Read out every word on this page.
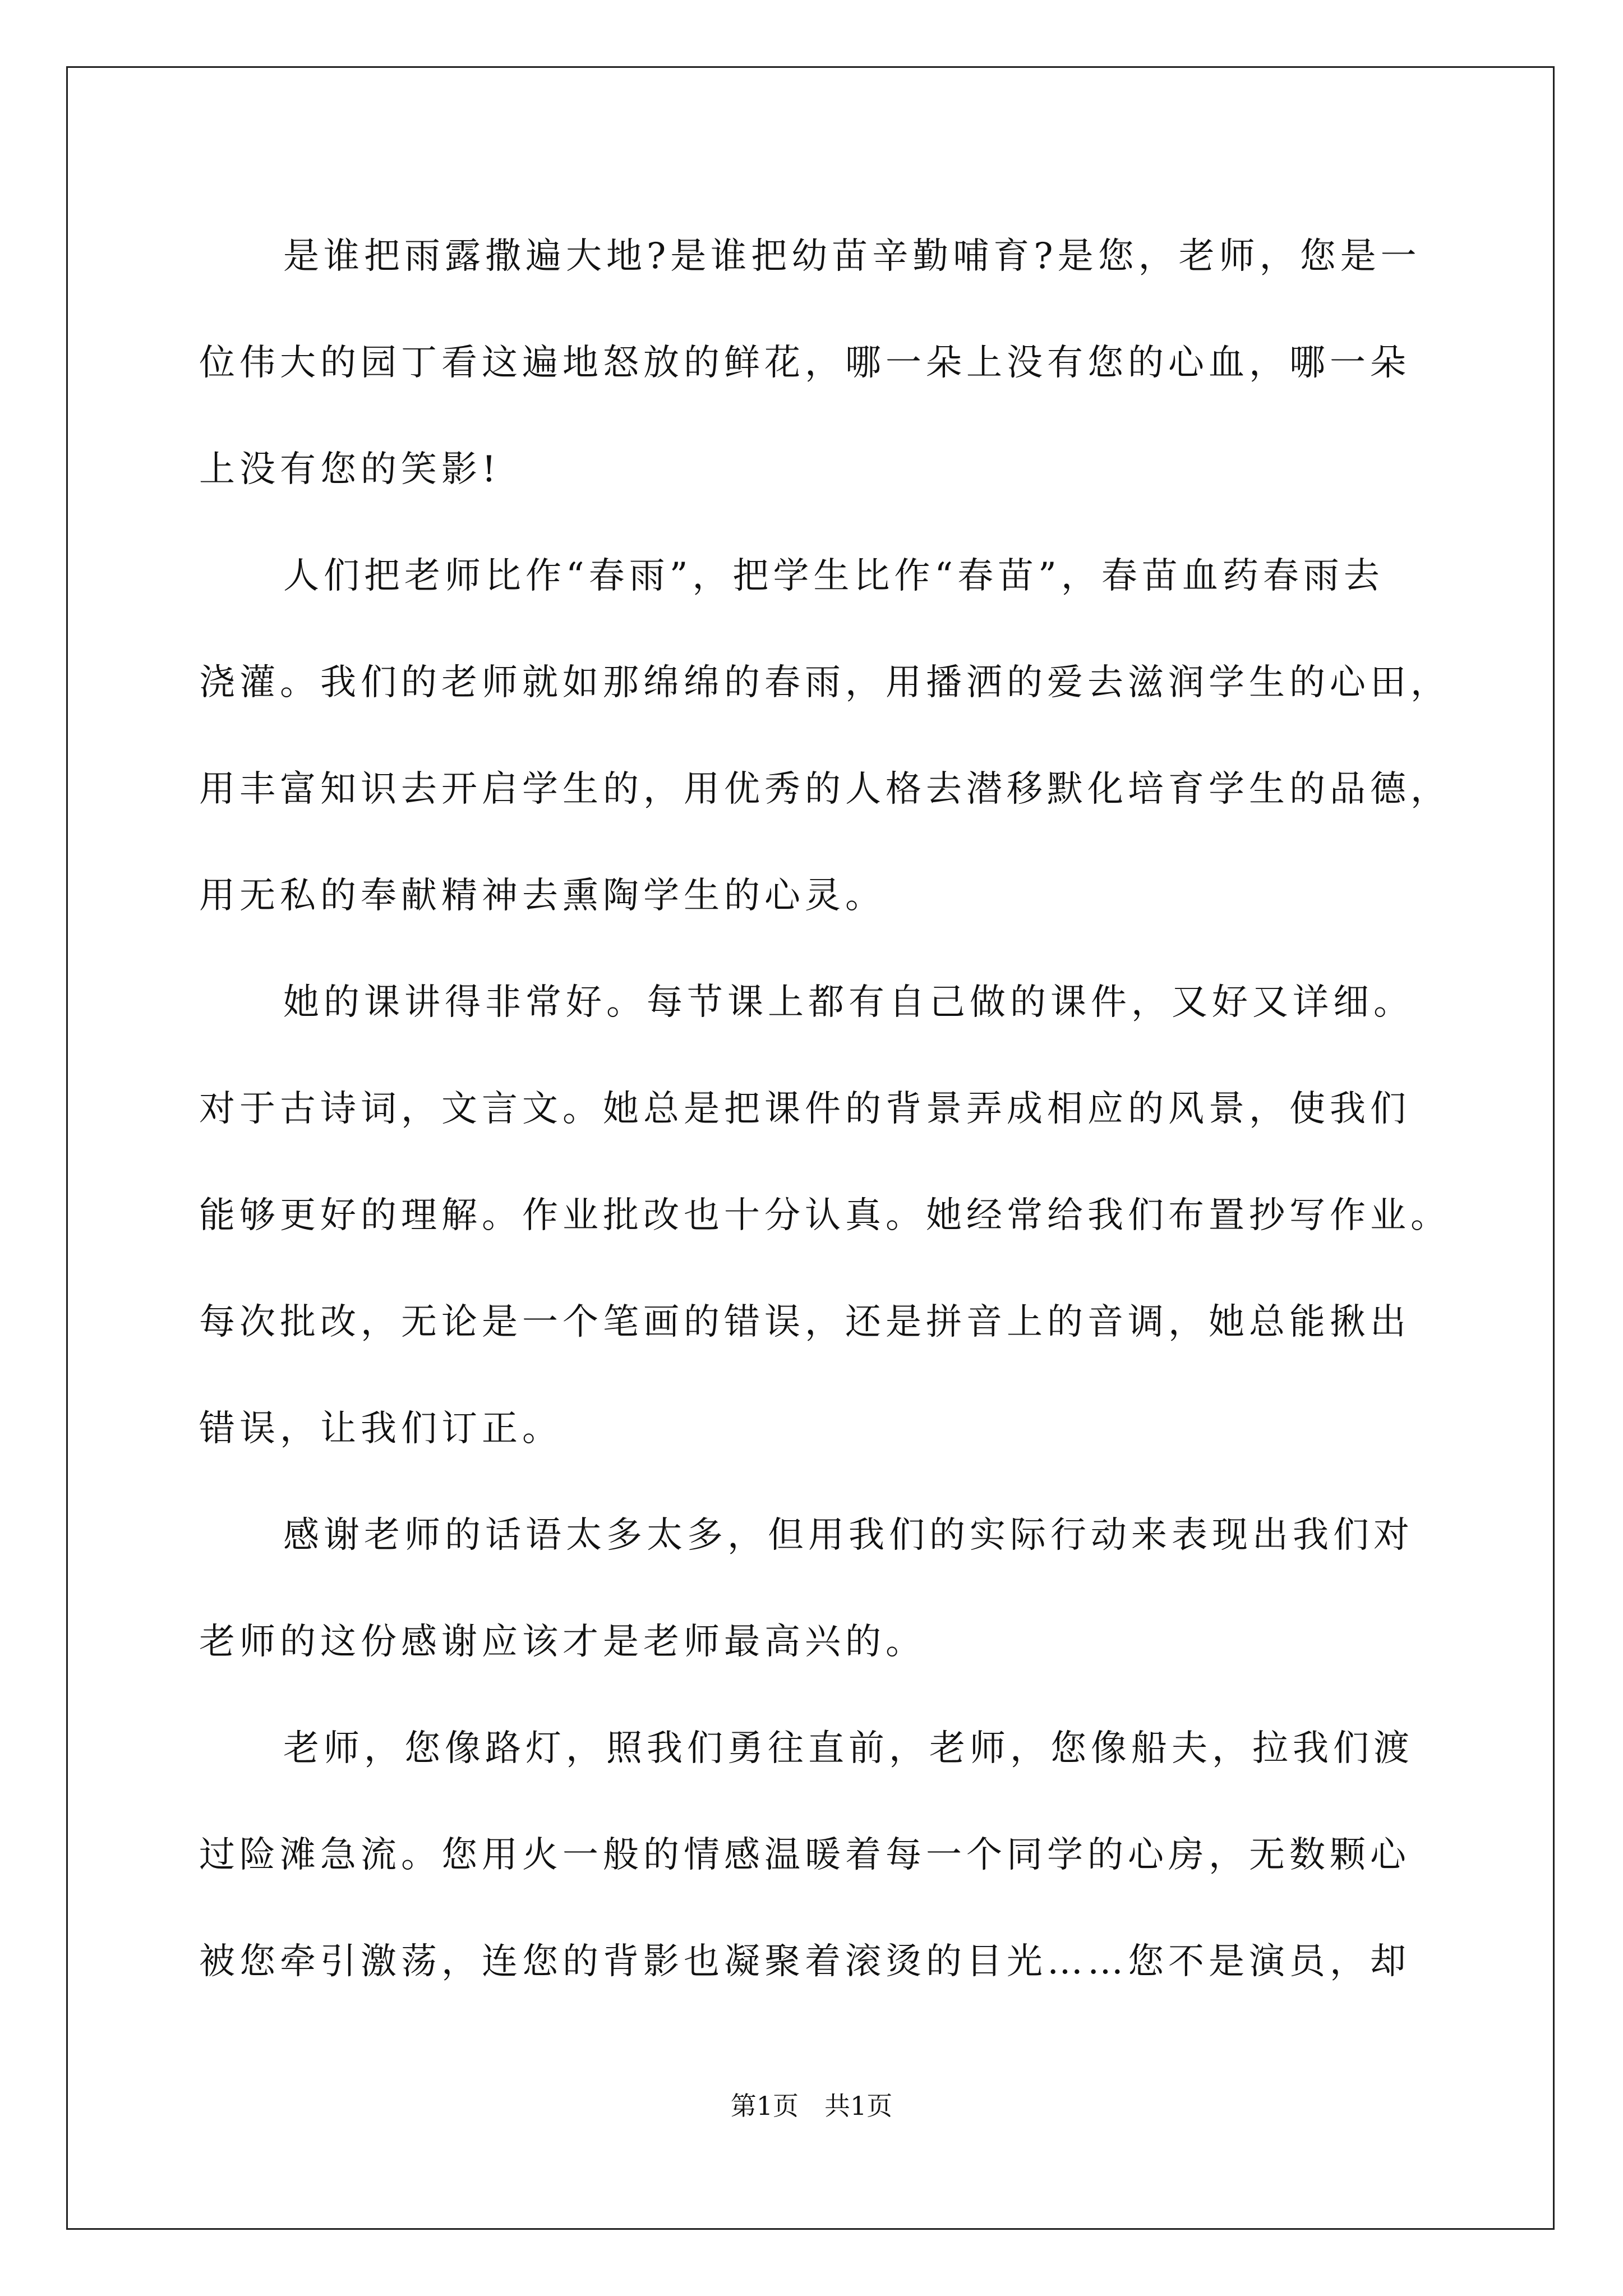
是谁把雨露撒遍大地?是谁把幼苗辛勤哺育?是您，老师，您是一
位伟大的园丁看这遍地怒放的鲜花，哪一朵上没有您的心血，哪一朵
上没有您的笑影!
人们把老师比作“春雨”，把学生比作“春苗”，春苗血药春雨去
浇灌。我们的老师就如那绵绵的春雨，用播洒的爱去滋润学生的心田，
用丰富知识去开启学生的，用优秀的人格去潜移默化培育学生的品德，
用无私的奉献精神去熏陶学生的心灵。
她的课讲得非常好。每节课上都有自己做的课件，又好又详细。
对于古诗词，文言文。她总是把课件的背景弄成相应的风景，使我们
能够更好的理解。作业批改也十分认真。她经常给我们布置抄写作业。
每次批改，无论是一个笔画的错误，还是拼音上的音调，她总能揪出
错误，让我们订正。
感谢老师的话语太多太多，但用我们的实际行动来表现出我们对
老师的这份感谢应该才是老师最高兴的。
老师，您像路灯，照我们勇往直前，老师，您像船夫，拉我们渡
过险滩急流。您用火一般的情感温暖着每一个同学的心房，无数颗心
被您牵引激荡，连您的背影也凝聚着滚烫的目光……您不是演员，却
第1页　共1页
